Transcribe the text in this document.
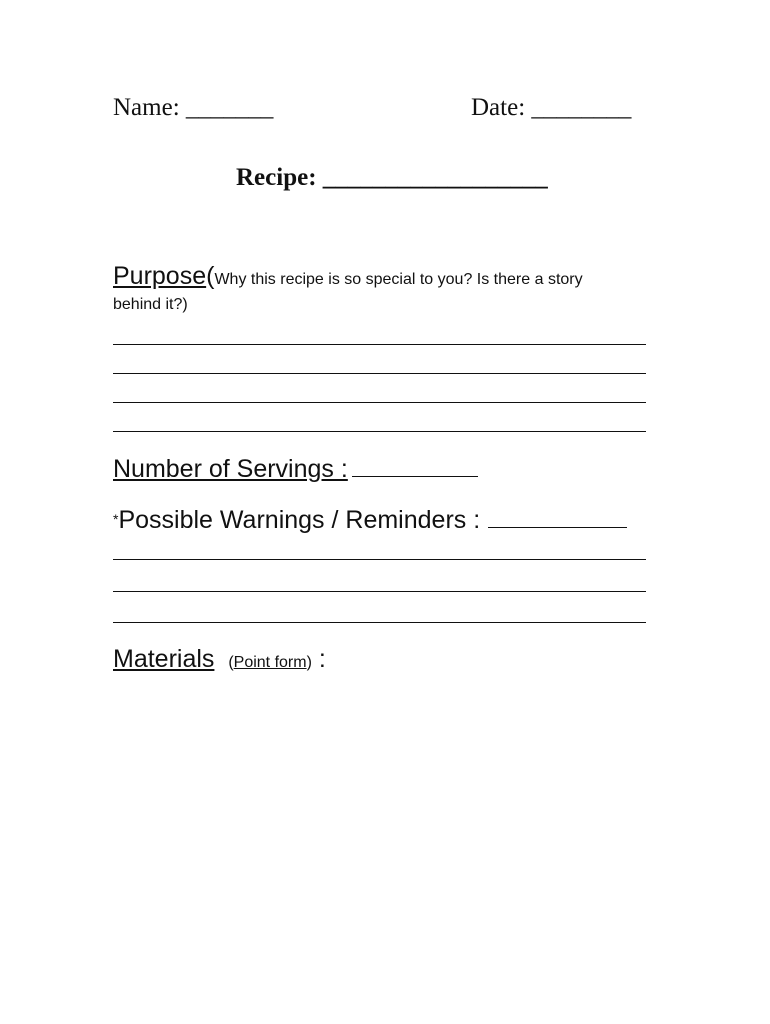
Name: _______	Date: ________
Recipe: __________________
Purpose(Why this recipe is so special to you? Is there a story
behind it?)
Number of Servings :
*Possible Warnings / Reminders :
Materials (Point form) :
